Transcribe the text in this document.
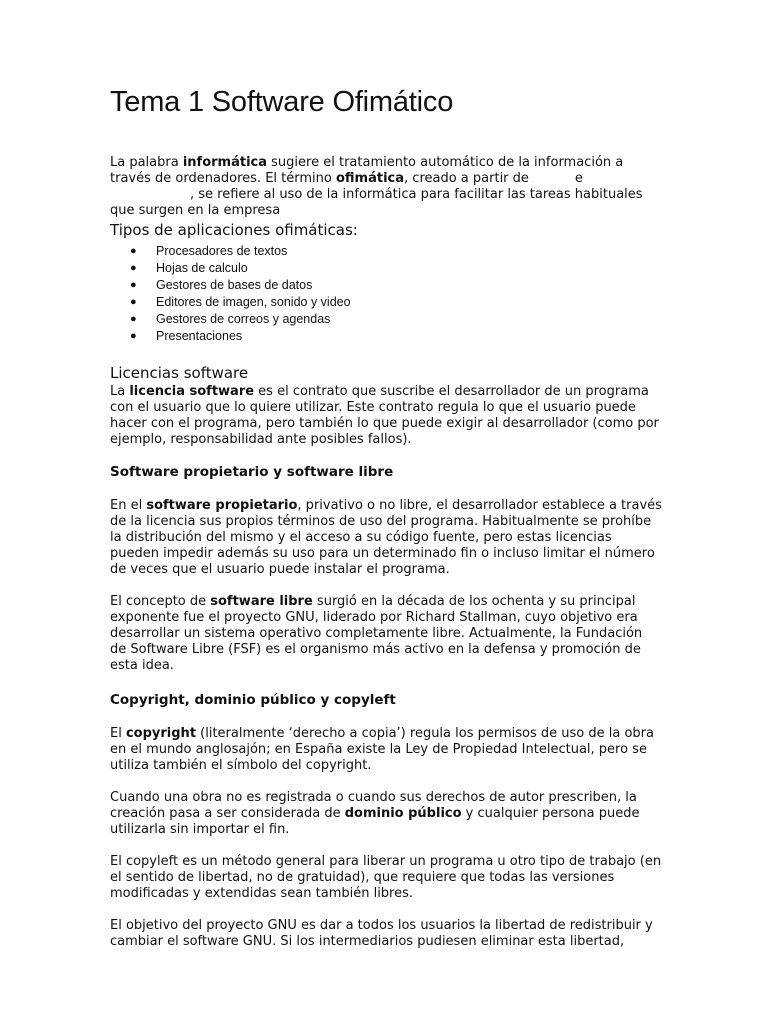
Tema 1 Software Ofimático

La palabra informática sugiere el tratamiento automático de la información a través de ordenadores. El término ofimática, creado a partir de	e, se refiere al uso de la informática para facilitar las tareas habituales que surgen en la empresa

Tipos de aplicaciones ofimáticas:
● Procesadores de textos
● Hojas de calculo
● Gestores de bases de datos
● Editores de imagen, sonido y video
● Gestores de correos y agendas
● Presentaciones
Licencias software

La licencia software es el contrato que suscribe el desarrollador de un programa con el usuario que lo quiere utilizar. Este contrato regula lo que el usuario puede hacer con el programa, pero también lo que puede exigir al desarrollador (como por ejemplo, responsabilidad ante posibles fallos).

Software propietario y software libre

En el software propietario, privativo o no libre, el desarrollador establece a través de la licencia sus propios términos de uso del programa. Habitualmente se prohíbe la distribución del mismo y el acceso a su código fuente, pero estas licencias pueden impedir además su uso para un determinado fin o incluso limitar el número de veces que el usuario puede instalar el programa.

El concepto de software libre surgió en la década de los ochenta y su principal exponente fue el proyecto GNU, liderado por Richard Stallman, cuyo objetivo era desarrollar un sistema operativo completamente libre. Actualmente, la Fundación de Software Libre (FSF) es el organismo más activo en la defensa y promoción de esta idea.

Copyright, dominio público y copyleft

El copyright (literalmente ‘derecho a copia’) regula los permisos de uso de la obra en el mundo anglosajón; en España existe la Ley de Propiedad Intelectual, pero se utiliza también el símbolo del copyright.

Cuando una obra no es registrada o cuando sus derechos de autor prescriben, la creación pasa a ser considerada de dominio público y cualquier persona puede utilizarla sin importar el fin.

El copyleft es un método general para liberar un programa u otro tipo de trabajo (en el sentido de libertad, no de gratuidad), que requiere que todas las versiones modificadas y extendidas sean también libres.

El objetivo del proyecto GNU es dar a todos los usuarios la libertad de redistribuir y cambiar el software GNU. Si los intermediarios pudiesen eliminar esta libertad,
